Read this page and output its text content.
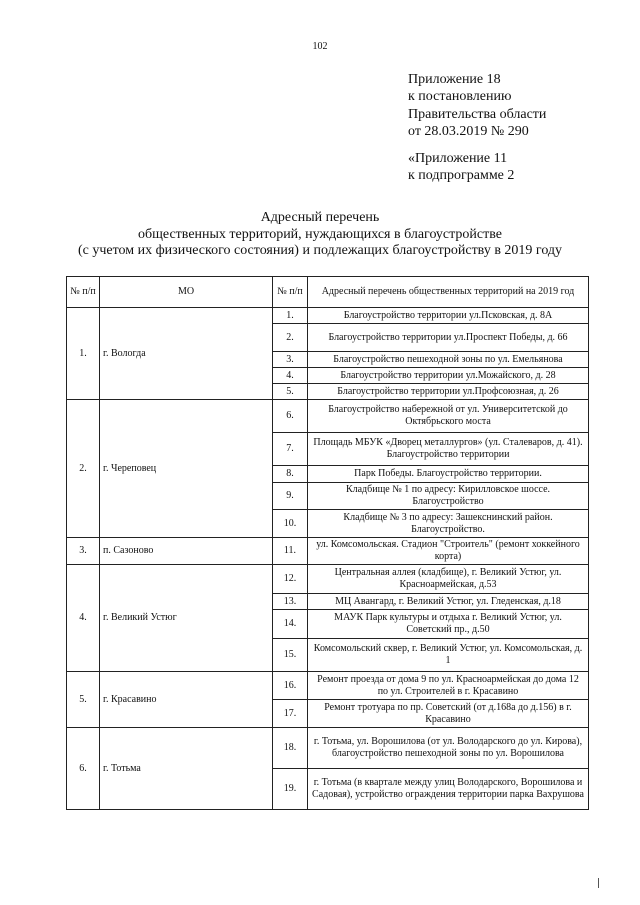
102
Приложение 18
к постановлению
Правительства области
от 28.03.2019 № 290
«Приложение 11
к подпрограмме 2
Адресный перечень
общественных территорий, нуждающихся в благоустройстве
(с учетом их физического состояния) и подлежащих благоустройству в 2019 году
№ п/п	МО	№ п/п	Адресный перечень общественных территорий на 2019 год
1.	г. Вологда	1.	Благоустройство территории ул.Псковская, д. 8А
		2.	Благоустройство территории ул.Проспект Победы, д. 66
		3.	Благоустройство пешеходной зоны по ул. Емельянова
		4.	Благоустройство территории ул.Можайского, д. 28
		5.	Благоустройство территории ул.Профсоюзная, д. 26
2.	г. Череповец	6.	Благоустройство набережной от ул. Университетской до Октябрьского моста
		7.	Площадь МБУК «Дворец металлургов» (ул. Сталеваров, д. 41). Благоустройство территории
		8.	Парк Победы. Благоустройство территории.
		9.	Кладбище № 1 по адресу: Кирилловское шоссе. Благоустройство
		10.	Кладбище № 3 по адресу: Зашекснинский район. Благоустройство.
3.	п. Сазоново	11.	ул. Комсомольская. Стадион "Строитель" (ремонт хоккейного корта)
4.	г. Великий Устюг	12.	Центральная аллея (кладбище), г. Великий Устюг, ул. Красноармейская, д.53
		13.	МЦ Авангард, г. Великий Устюг, ул. Гледенская, д.18
		14.	МАУК Парк культуры и отдыха г. Великий Устюг, ул. Советский пр., д.50
		15.	Комсомольский сквер, г. Великий Устюг, ул. Комсомольская, д. 1
5.	г. Красавино	16.	Ремонт проезда от дома 9 по ул. Красноармейская до дома 12 по ул. Строителей в г. Красавино
		17.	Ремонт тротуара по пр. Советский (от д.168а до д.156) в г. Красавино
6.	г. Тотьма	18.	г. Тотьма, ул. Ворошилова (от ул. Володарского до ул. Кирова), благоустройство пешеходной зоны по ул. Ворошилова
		19.	г. Тотьма (в квартале между улиц Володарского, Ворошилова и Садовая), устройство ограждения территории парка Вахрушова
